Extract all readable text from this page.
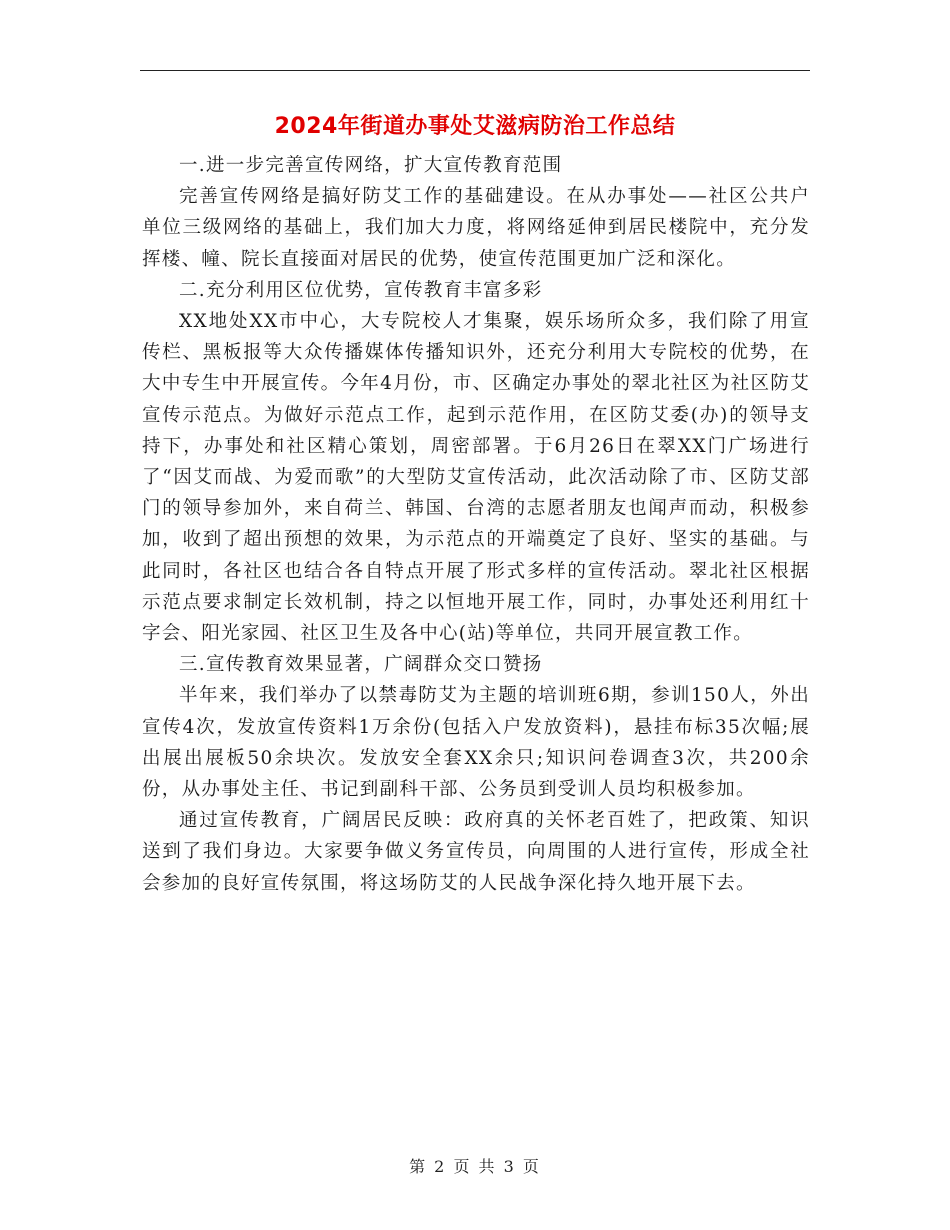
2024年街道办事处艾滋病防治工作总结

一.进一步完善宣传网络，扩大宣传教育范围

完善宣传网络是搞好防艾工作的基础建设。在从办事处——社区公共户单位三级网络的基础上，我们加大力度，将网络延伸到居民楼院中，充分发挥楼、幢、院长直接面对居民的优势，使宣传范围更加广泛和深化。

二.充分利用区位优势，宣传教育丰富多彩

XX地处XX市中心，大专院校人才集聚，娱乐场所众多，我们除了用宣传栏、黑板报等大众传播媒体传播知识外，还充分利用大专院校的优势，在大中专生中开展宣传。今年4月份，市、区确定办事处的翠北社区为社区防艾宣传示范点。为做好示范点工作，起到示范作用，在区防艾委(办)的领导支持下，办事处和社区精心策划，周密部署。于6月26日在翠XX门广场进行了“因艾而战、为爱而歌”的大型防艾宣传活动，此次活动除了市、区防艾部门的领导参加外，来自荷兰、韩国、台湾的志愿者朋友也闻声而动，积极参加，收到了超出预想的效果，为示范点的开端奠定了良好、坚实的基础。与此同时，各社区也结合各自特点开展了形式多样的宣传活动。翠北社区根据示范点要求制定长效机制，持之以恒地开展工作，同时，办事处还利用红十字会、阳光家园、社区卫生及各中心(站)等单位，共同开展宣教工作。

三.宣传教育效果显著，广阔群众交口赞扬

半年来，我们举办了以禁毒防艾为主题的培训班6期，参训150人，外出宣传4次，发放宣传资料1万余份(包括入户发放资料)，悬挂布标35次幅;展出展出展板50余块次。发放安全套XX余只;知识问卷调查3次，共200余份，从办事处主任、书记到副科干部、公务员到受训人员均积极参加。

通过宣传教育，广阔居民反映：政府真的关怀老百姓了，把政策、知识送到了我们身边。大家要争做义务宣传员，向周围的人进行宣传，形成全社会参加的良好宣传氛围，将这场防艾的人民战争深化持久地开展下去。

第 2 页 共 3 页
